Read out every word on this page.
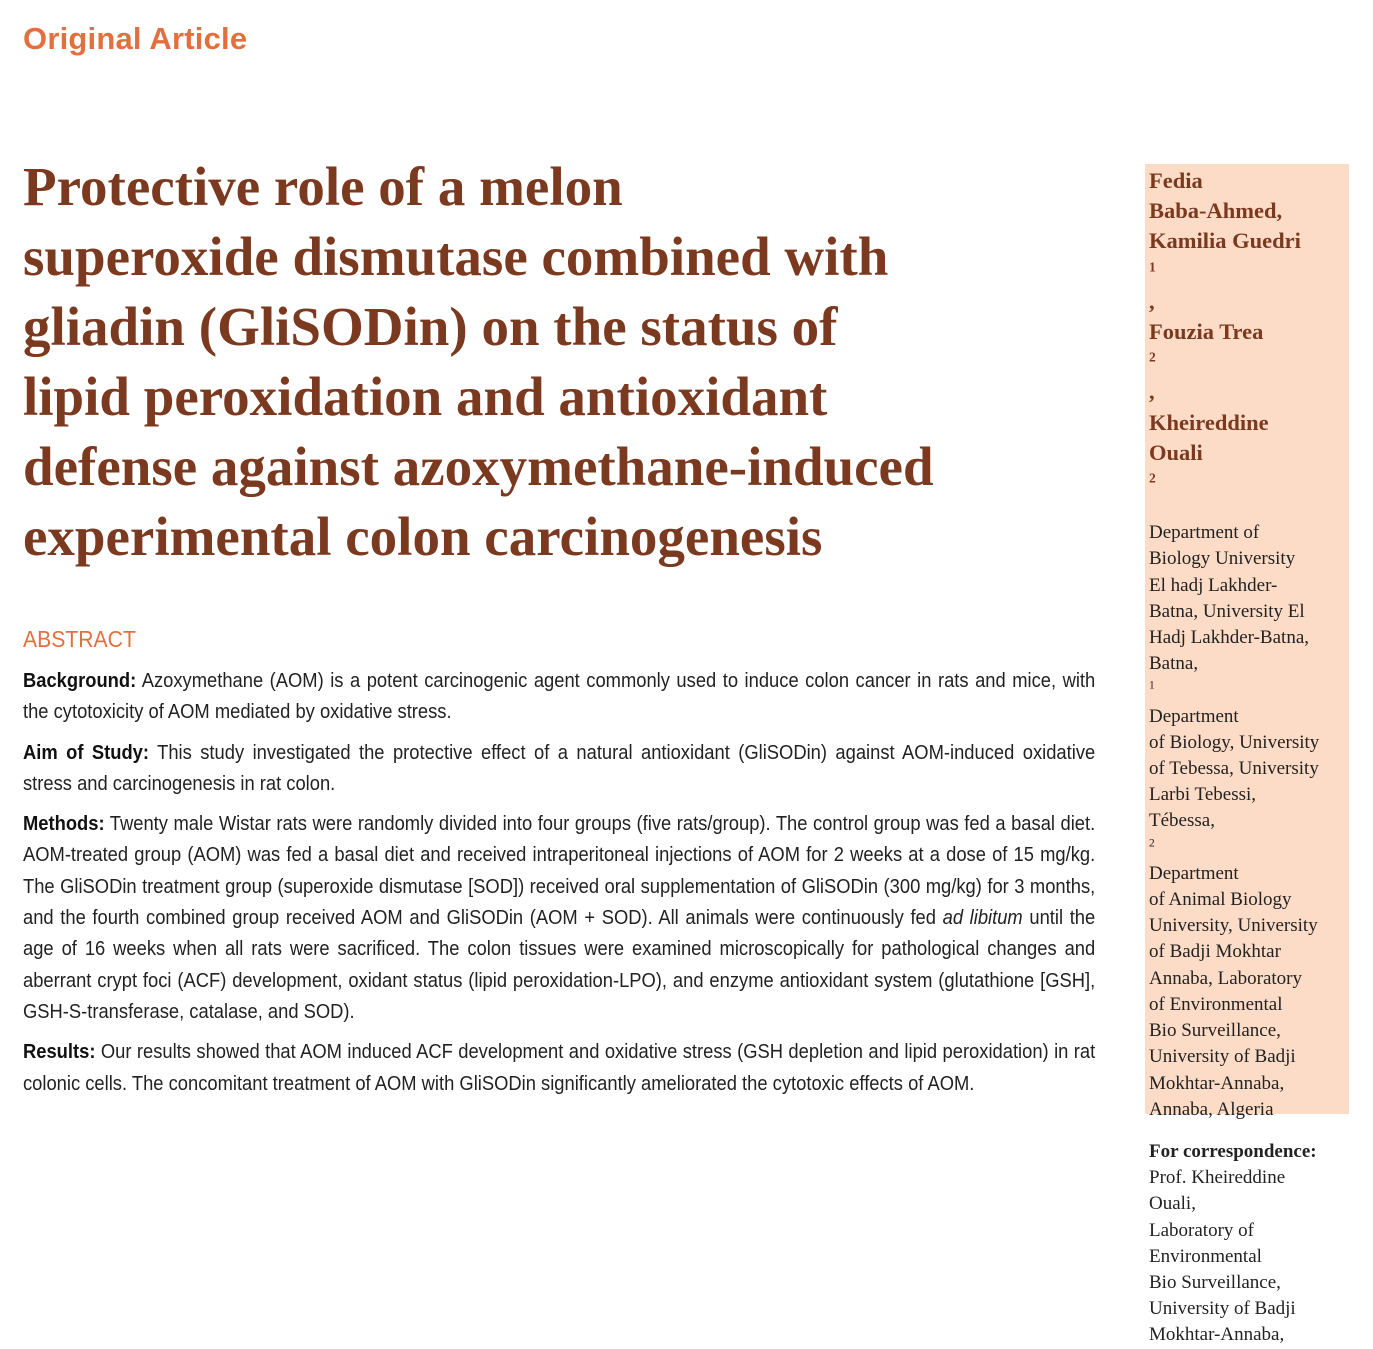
Original Article
Protective role of a melon
superoxide dismutase combined with
gliadin (GliSODin) on the status of
lipid peroxidation and antioxidant
defense against azoxymethane-induced
experimental colon carcinogenesis
ABSTRACT

Background: Azoxymethane (AOM) is a potent carcinogenic agent commonly used to induce colon cancer in rats and mice, with the cytotoxicity of AOM mediated by oxidative stress.

Aim of Study: This study investigated the protective effect of a natural antioxidant (GliSODin) against AOM-induced oxidative stress and carcinogenesis in rat colon.

Methods: Twenty male Wistar rats were randomly divided into four groups (five rats/group). The control group was fed a basal diet. AOM-treated group (AOM) was fed a basal diet and received intraperitoneal injections of AOM for 2 weeks at a dose of 15 mg/kg. The GliSODin treatment group (superoxide dismutase [SOD]) received oral supplementation of GliSODin (300 mg/kg) for 3 months, and the fourth combined group received AOM and GliSODin (AOM + SOD). All animals were continuously fed ad libitum until the age of 16 weeks when all rats were sacrificed. The colon tissues were examined microscopically for pathological changes and aberrant crypt foci (ACF) development, oxidant status (lipid peroxidation-LPO), and enzyme antioxidant system (glutathione [GSH], GSH-S-transferase, catalase, and SOD).

Results: Our results showed that AOM induced ACF development and oxidative stress (GSH depletion and lipid peroxidation) in rat colonic cells. The concomitant treatment of AOM with GliSODin significantly ameliorated the cytotoxic effects of AOM.

Fedia
Baba-Ahmed,
Kamilia Guedri
$^1$
,
Fouzia Trea
$^2$
,
Kheireddine
Ouali
$^2$
Department of
Biology University
El hadj Lakhder-
Batna, University El
Hadj Lakhder-Batna,
Batna,
$^1$
Department
of Biology, University
of Tebessa, University
Larbi Tebessi,
Tébessa,
$^2$
Department
of Animal Biology
University, University
of Badji Mokhtar
Annaba, Laboratory
of Environmental
Bio Surveillance,
University of Badji
Mokhtar-Annaba,
Annaba, Algeria
For correspondence:
Prof. Kheireddine
Ouali,
Laboratory of
Environmental
Bio Surveillance,
University of Badji
Mokhtar-Annaba,
